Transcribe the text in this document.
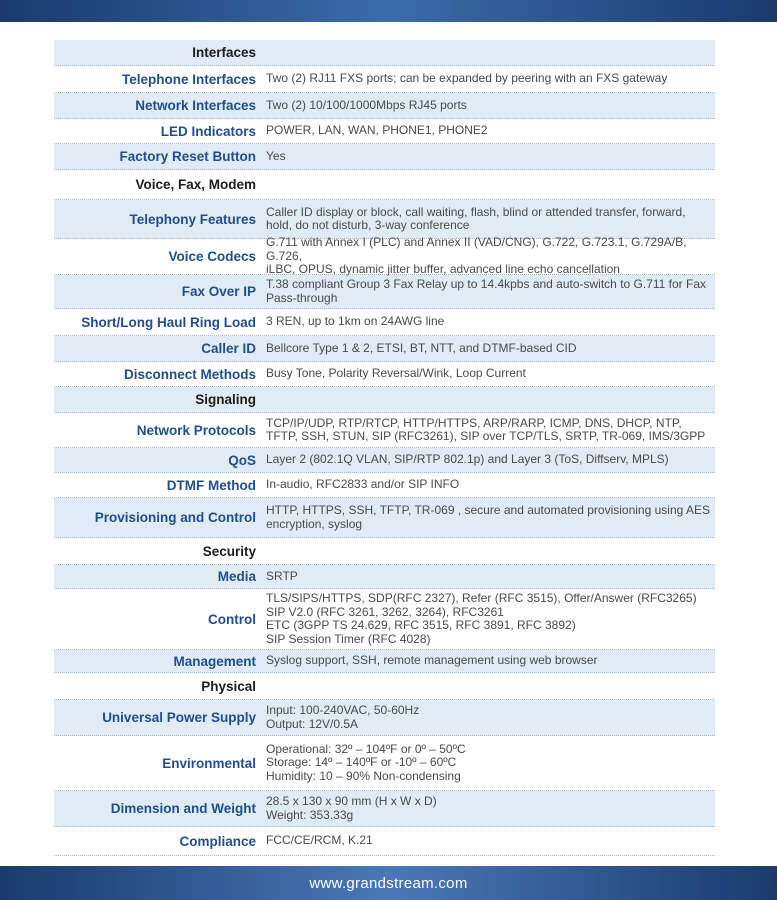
Interfaces
Telephone Interfaces Two (2) RJ11 FXS ports; can be expanded by peering with an FXS gateway
Network Interfaces Two (2) 10/100/1000Mbps RJ45 ports
LED Indicators POWER, LAN, WAN, PHONE1, PHONE2
Factory Reset Button Yes
Voice, Fax, Modem
Telephony Features Caller ID display or block, call waiting, flash, blind or attended transfer, forward,
hold, do not disturb, 3-way conference
Voice Codecs
G.711 with Annex I (PLC) and Annex II (VAD/CNG), G.722, G.723.1, G.729A/B, G.726,
iLBC, OPUS, dynamic jitter buffer, advanced line echo cancellation
Fax Over IP T.38 compliant Group 3 Fax Relay up to 14.4kpbs and auto-switch to G.711 for Fax
Pass-through
Short/Long Haul Ring Load 3 REN, up to 1km on 24AWG line
Caller ID Bellcore Type 1 & 2, ETSI, BT, NTT, and DTMF-based CID
Disconnect Methods Busy Tone, Polarity Reversal/Wink, Loop Current
Signaling
Network Protocols TCP/IP/UDP, RTP/RTCP, HTTP/HTTPS, ARP/RARP, ICMP, DNS, DHCP, NTP,
TFTP, SSH, STUN, SIP (RFC3261), SIP over TCP/TLS, SRTP, TR-069, IMS/3GPP
QoS Layer 2 (802.1Q VLAN, SIP/RTP 802.1p) and Layer 3 (ToS, Diffserv, MPLS)
DTMF Method In-audio, RFC2833 and/or SIP INFO
Provisioning and Control HTTP, HTTPS, SSH, TFTP, TR-069 , secure and automated provisioning using AES
encryption, syslog
Security
Media SRTP
Control
TLS/SIPS/HTTPS, SDP(RFC 2327), Refer (RFC 3515), Offer/Answer (RFC3265)
SIP V2.0 (RFC 3261, 3262, 3264), RFC3261
ETC (3GPP TS 24.629, RFC 3515, RFC 3891, RFC 3892)
SIP Session Timer (RFC 4028)
Management Syslog support, SSH, remote management using web browser
Physical
Universal Power Supply Input: 100-240VAC, 50-60Hz
Output: 12V/0.5A
Environmental
Operational: 32º – 104ºF or 0º – 50ºC
Storage: 14º – 140ºF or -10º – 60ºC
Humidity: 10 – 90% Non-condensing
Dimension and Weight 28.5 x 130 x 90 mm (H x W x D)
Weight: 353.33g
Compliance FCC/CE/RCM, K.21
www.grandstream.com
